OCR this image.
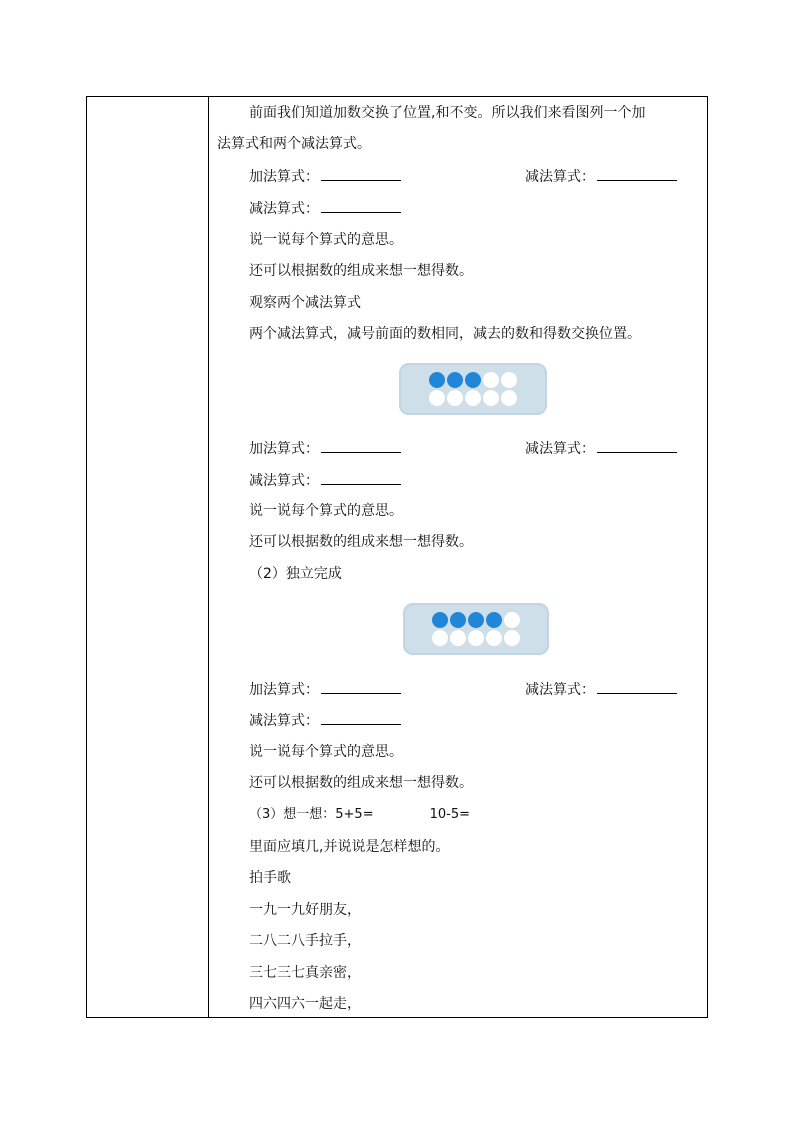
前面我们知道加数交换了位置,和不变。所以我们来看图列一个加
法算式和两个减法算式。
加法算式：	减法算式：
减法算式：
说一说每个算式的意思。
还可以根据数的组成来想一想得数。
观察两个减法算式
两个减法算式，减号前面的数相同，减去的数和得数交换位置。
加法算式：	减法算式：
减法算式：
说一说每个算式的意思。
还可以根据数的组成来想一想得数。
（2）独立完成
加法算式：	减法算式：
减法算式：
说一说每个算式的意思。
还可以根据数的组成来想一想得数。
（3）想一想：5+5=	10-5=
里面应填几,并说说是怎样想的。
拍手歌
一九一九好朋友，
二八二八手拉手，
三七三七真亲密，
四六四六一起走，
